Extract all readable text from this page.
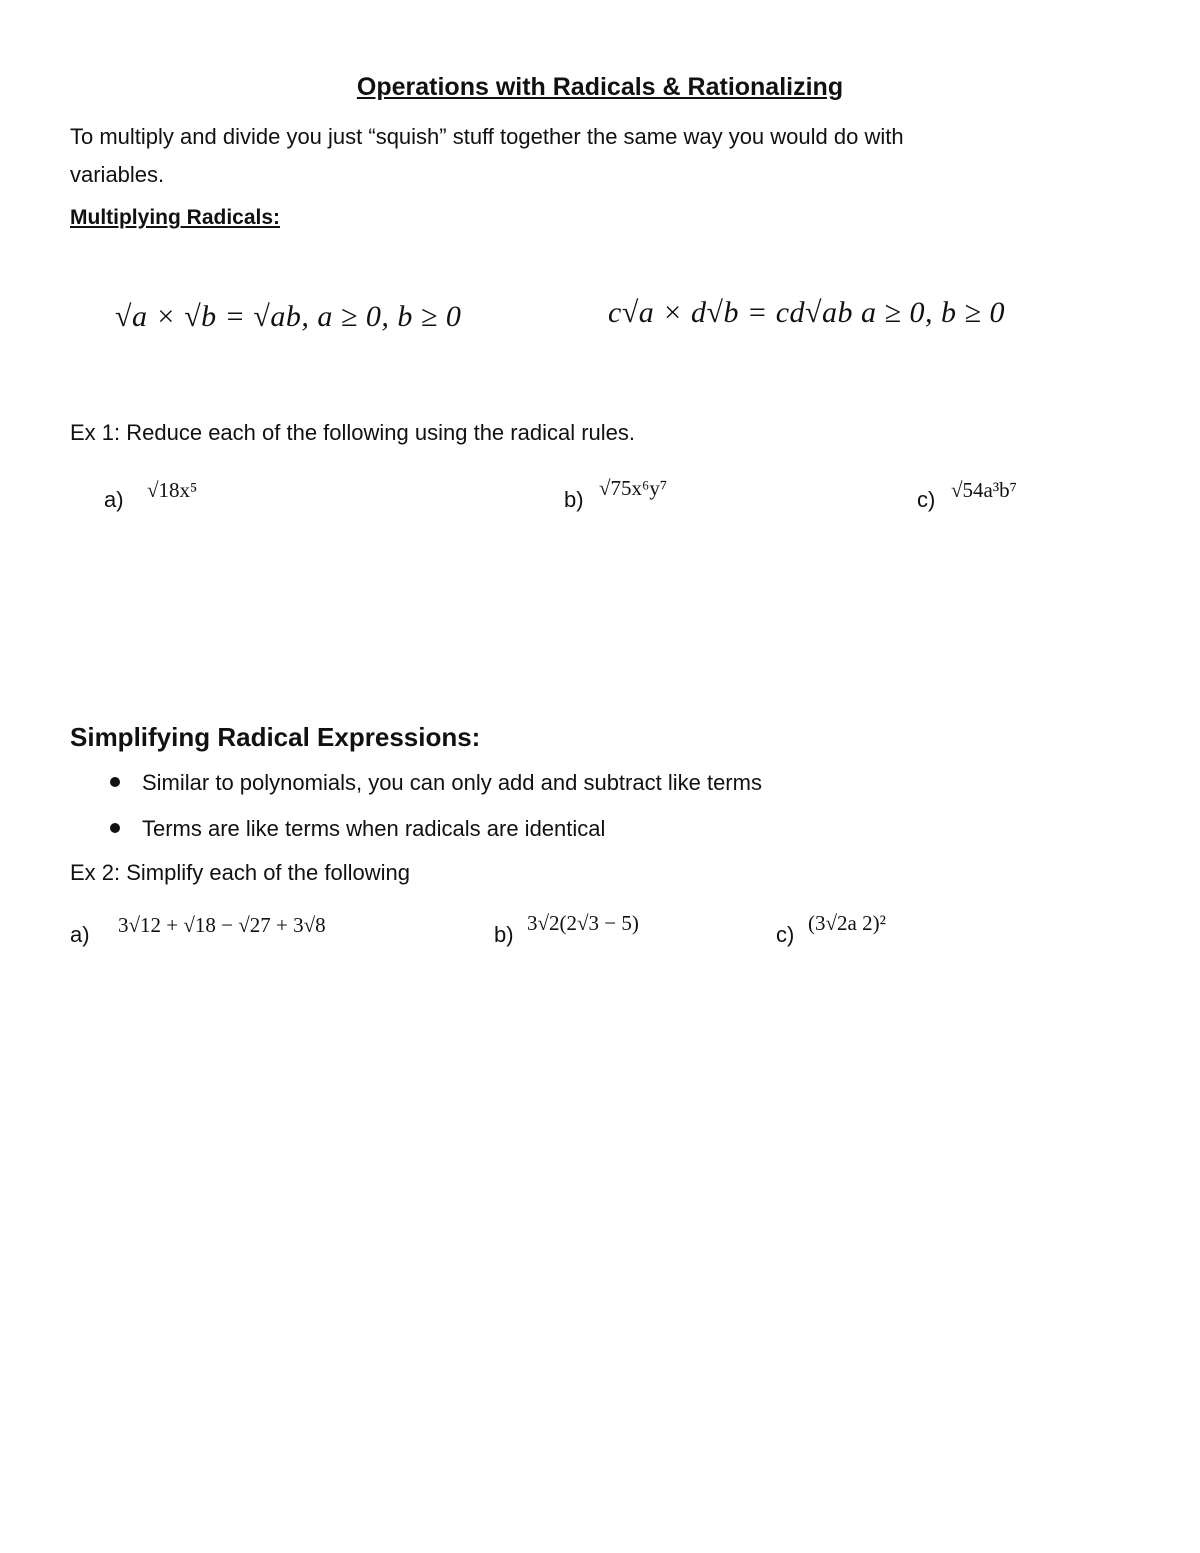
Operations with Radicals & Rationalizing
To multiply and divide you just “squish” stuff together the same way you would do with
variables.
Multiplying Radicals:
√a × √b = √ab, a ≥ 0, b ≥ 0	c√a × d√b = cd√ab a ≥ 0, b ≥ 0
Ex 1: Reduce each of the following using the radical rules.
a) √18x⁵	b) √75x⁶y⁷	c) √54a³b⁷
Simplifying Radical Expressions:
Similar to polynomials, you can only add and subtract like terms
Terms are like terms when radicals are identical
Ex 2: Simplify each of the following
a) 3√12 + √18 − √27 + 3√8	b) 3√2(2√3 − 5)	c) (3√2a 2)²
